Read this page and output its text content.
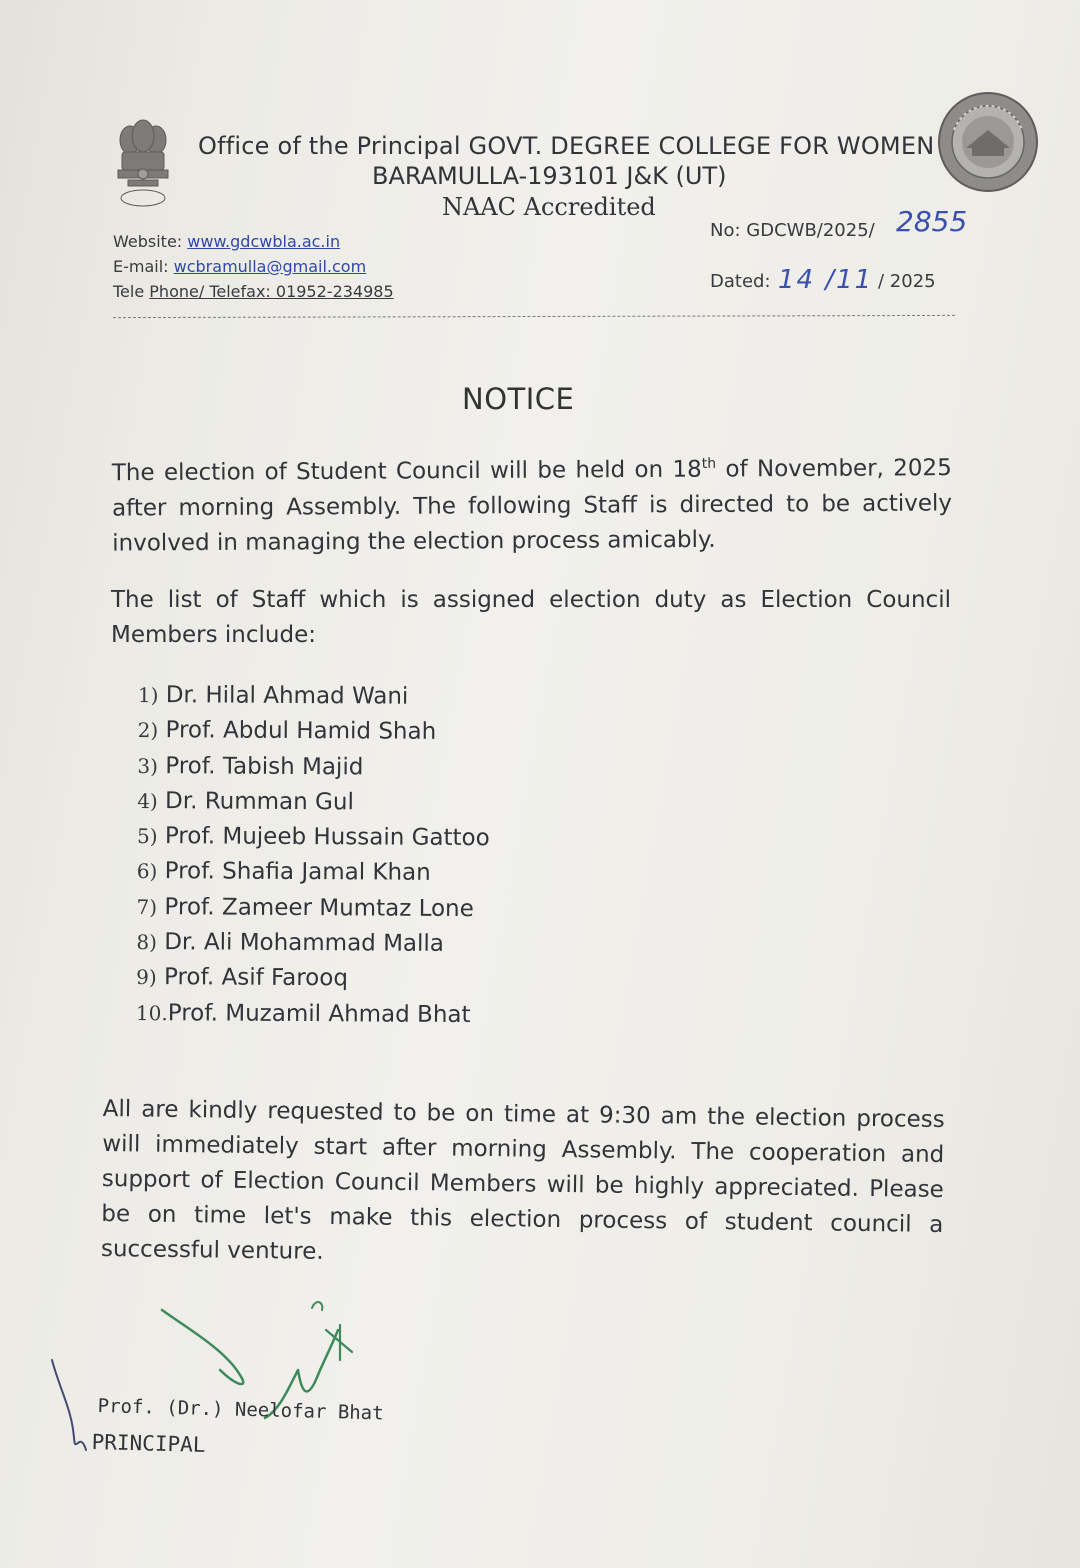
Office of the Principal GOVT. DEGREE COLLEGE FOR WOMEN
BARAMULLA-193101 J&K (UT)
NAAC Accredited
Website: www.gdcwbla.ac.in
E-mail: wcbramulla@gmail.com
Tele Phone/ Telefax: 01952-234985
No: GDCWB/2025/ 2855
Dated: 14 /11 / 2025
NOTICE
The election of Student Council will be held on 18th of November, 2025 after morning Assembly. The following Staff is directed to be actively involved in managing the election process amicably.
The list of Staff which is assigned election duty as Election Council Members include:
1) Dr. Hilal Ahmad Wani
2) Prof. Abdul Hamid Shah
3) Prof. Tabish Majid
4) Dr. Rumman Gul
5) Prof. Mujeeb Hussain Gattoo
6) Prof. Shafia Jamal Khan
7) Prof. Zameer Mumtaz Lone
8) Dr. Ali Mohammad Malla
9) Prof. Asif Farooq
10.Prof. Muzamil Ahmad Bhat
All are kindly requested to be on time at 9:30 am the election process will immediately start after morning Assembly. The cooperation and support of Election Council Members will be highly appreciated. Please be on time let's make this election process of student council a successful venture.
Prof. (Dr.) Neelofar Bhat
PRINCIPAL
